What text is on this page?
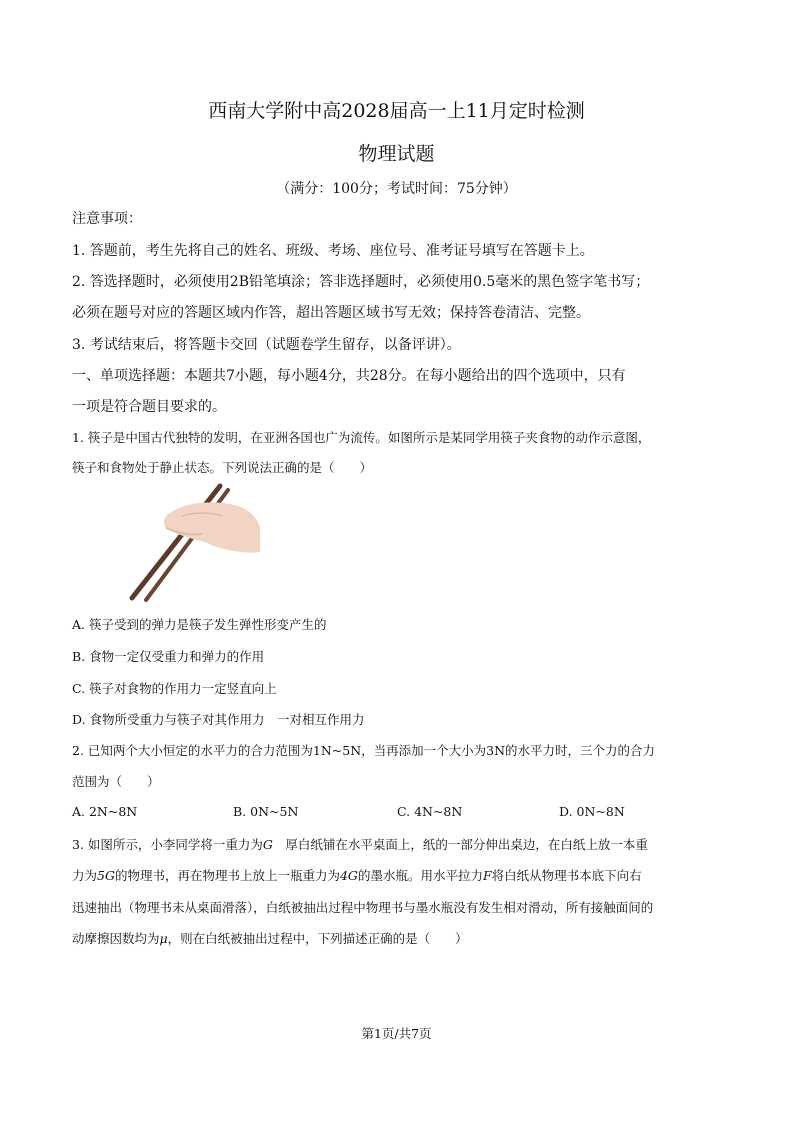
西南大学附中高2028届高一上11月定时检测
物理试题
（满分：100分；考试时间：75分钟）
注意事项：
1. 答题前，考生先将自己的姓名、班级、考场、座位号、准考证号填写在答题卡上。
2. 答选择题时，必须使用2B铅笔填涂；答非选择题时，必须使用0.5毫米的黑色签字笔书写；
必须在题号对应的答题区域内作答，超出答题区域书写无效；保持答卷清洁、完整。
3. 考试结束后，将答题卡交回（试题卷学生留存，以备评讲）。
一、单项选择题：本题共7小题，每小题4分，共28分。在每小题给出的四个选项中，只有
一项是符合题目要求的。
1. 筷子是中国古代独特的发明，在亚洲各国也广为流传。如图所示是某同学用筷子夹食物的动作示意图，
筷子和食物处于静止状态。下列说法正确的是（　　）
A. 筷子受到的弹力是筷子发生弹性形变产生的
B. 食物一定仅受重力和弹力的作用
C. 筷子对食物的作用力一定竖直向上
D. 食物所受重力与筷子对其作用力　一对相互作用力
2. 已知两个大小恒定的水平力的合力范围为1N~5N，当再添加一个大小为3N的水平力时，三个力的合力
范围为（　　）
A. 2N~8N	B. 0N~5N	C. 4N~8N	D. 0N~8N
3. 如图所示，小李同学将一重力为G　厚白纸铺在水平桌面上，纸的一部分伸出桌边，在白纸上放一本重
力为5G的物理书，再在物理书上放上一瓶重力为4G的墨水瓶。用水平拉力F将白纸从物理书本底下向右
迅速抽出（物理书未从桌面滑落），白纸被抽出过程中物理书与墨水瓶没有发生相对滑动，所有接触面间的
动摩擦因数均为μ，则在白纸被抽出过程中，下列描述正确的是（　　）
第1页/共7页
